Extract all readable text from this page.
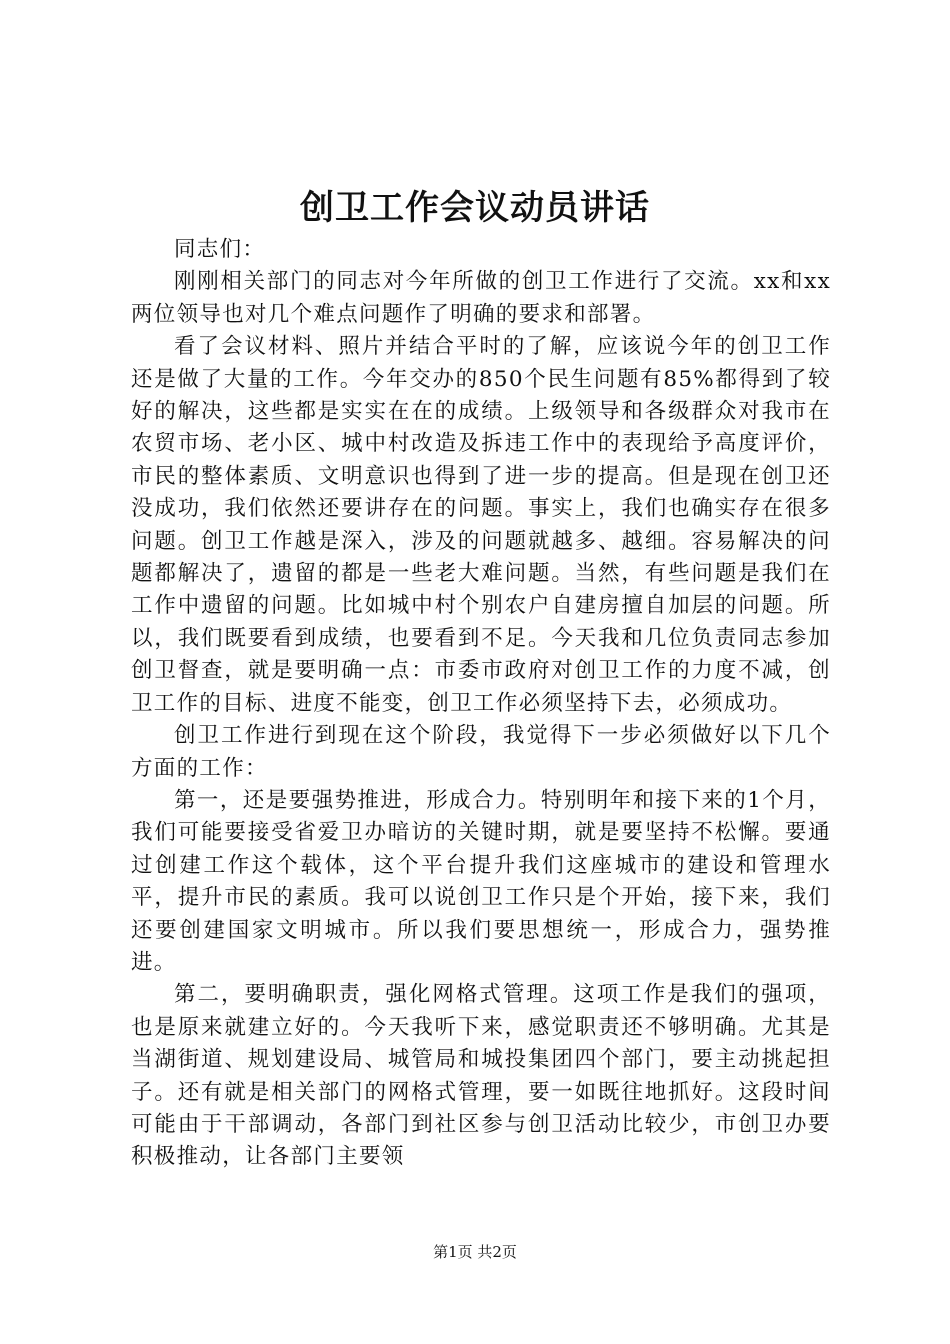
创卫工作会议动员讲话

同志们：

刚刚相关部门的同志对今年所做的创卫工作进行了交流。xx和xx两位领导也对几个难点问题作了明确的要求和部署。

看了会议材料、照片并结合平时的了解，应该说今年的创卫工作还是做了大量的工作。今年交办的850个民生问题有85%都得到了较好的解决，这些都是实实在在的成绩。上级领导和各级群众对我市在农贸市场、老小区、城中村改造及拆违工作中的表现给予高度评价，市民的整体素质、文明意识也得到了进一步的提高。但是现在创卫还没成功，我们依然还要讲存在的问题。事实上，我们也确实存在很多问题。创卫工作越是深入，涉及的问题就越多、越细。容易解决的问题都解决了，遗留的都是一些老大难问题。当然，有些问题是我们在工作中遗留的问题。比如城中村个别农户自建房擅自加层的问题。所以，我们既要看到成绩，也要看到不足。今天我和几位负责同志参加创卫督查，就是要明确一点：市委市政府对创卫工作的力度不减，创卫工作的目标、进度不能变，创卫工作必须坚持下去，必须成功。

创卫工作进行到现在这个阶段，我觉得下一步必须做好以下几个方面的工作：

第一，还是要强势推进，形成合力。特别明年和接下来的1个月，我们可能要接受省爱卫办暗访的关键时期，就是要坚持不松懈。要通过创建工作这个载体，这个平台提升我们这座城市的建设和管理水平，提升市民的素质。我可以说创卫工作只是个开始，接下来，我们还要创建国家文明城市。所以我们要思想统一，形成合力，强势推进。

第二，要明确职责，强化网格式管理。这项工作是我们的强项，也是原来就建立好的。今天我听下来，感觉职责还不够明确。尤其是当湖街道、规划建设局、城管局和城投集团四个部门，要主动挑起担子。还有就是相关部门的网格式管理，要一如既往地抓好。这段时间可能由于干部调动，各部门到社区参与创卫活动比较少，市创卫办要积极推动，让各部门主要领

第1页 共2页
